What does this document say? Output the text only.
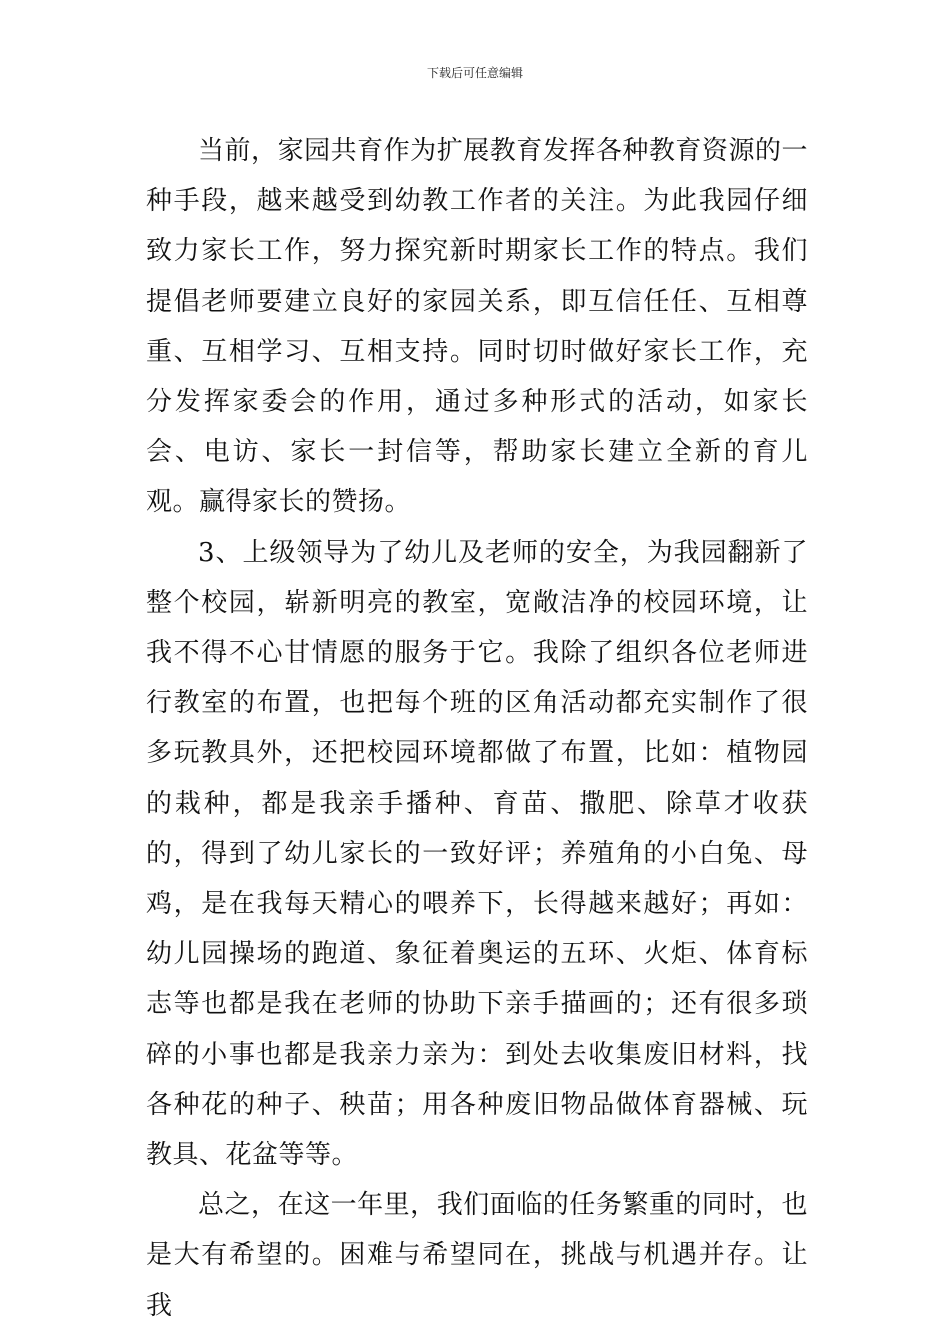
下载后可任意编辑

当前，家园共育作为扩展教育发挥各种教育资源的一种手段，越来越受到幼教工作者的关注。为此我园仔细致力家长工作，努力探究新时期家长工作的特点。我们提倡老师要建立良好的家园关系，即互信任任、互相尊重、互相学习、互相支持。同时切时做好家长工作，充分发挥家委会的作用，通过多种形式的活动，如家长会、电访、家长一封信等，帮助家长建立全新的育儿观。赢得家长的赞扬。

3、上级领导为了幼儿及老师的安全，为我园翻新了整个校园，崭新明亮的教室，宽敞洁净的校园环境，让我不得不心甘情愿的服务于它。我除了组织各位老师进行教室的布置，也把每个班的区角活动都充实制作了很多玩教具外，还把校园环境都做了布置，比如：植物园的栽种，都是我亲手播种、育苗、撒肥、除草才收获的，得到了幼儿家长的一致好评；养殖角的小白兔、母鸡，是在我每天精心的喂养下，长得越来越好；再如：幼儿园操场的跑道、象征着奥运的五环、火炬、体育标志等也都是我在老师的协助下亲手描画的；还有很多琐碎的小事也都是我亲力亲为：到处去收集废旧材料，找各种花的种子、秧苗；用各种废旧物品做体育器械、玩教具、花盆等等。

总之，在这一年里，我们面临的任务繁重的同时，也是大有希望的。困难与希望同在，挑战与机遇并存。让我
